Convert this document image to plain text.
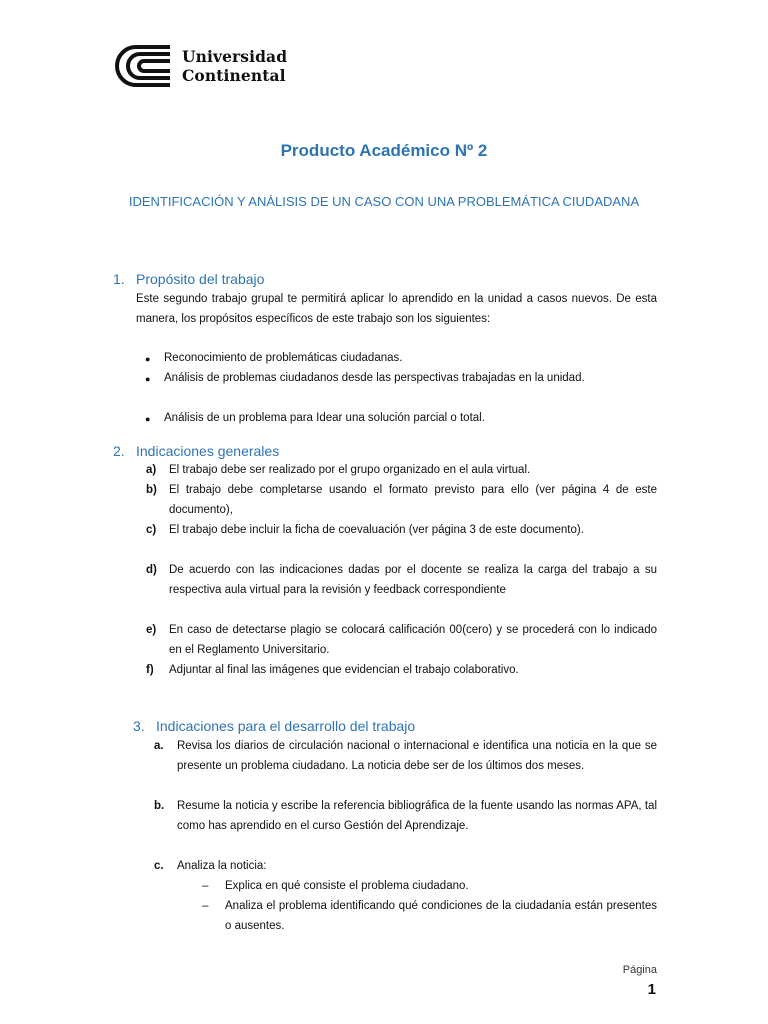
Universidad
Continental
Producto Académico Nº 2
IDENTIFICACIÓN Y ANÁLISIS DE UN CASO CON UNA PROBLEMÁTICA CIUDADANA
1. Propósito del trabajo
Este segundo trabajo grupal te permitirá aplicar lo aprendido en la unidad a casos nuevos. De esta manera, los propósitos específicos de este trabajo son los siguientes:
● Reconocimiento de problemáticas ciudadanas.
● Análisis de problemas ciudadanos desde las perspectivas trabajadas en la unidad.
● Análisis de un problema para Idear una solución parcial o total.
2. Indicaciones generales
a) El trabajo debe ser realizado por el grupo organizado en el aula virtual.
b) El trabajo debe completarse usando el formato previsto para ello (ver página 4 de este documento),
c) El trabajo debe incluir la ficha de coevaluación (ver página 3 de este documento).
d) De acuerdo con las indicaciones dadas por el docente se realiza la carga del trabajo a su respectiva aula virtual para la revisión y feedback correspondiente
e) En caso de detectarse plagio se colocará calificación 00(cero) y se procederá con lo indicado en el Reglamento Universitario.
f) Adjuntar al final las imágenes que evidencian el trabajo colaborativo.
3. Indicaciones para el desarrollo del trabajo
a. Revisa los diarios de circulación nacional o internacional e identifica una noticia en la que se presente un problema ciudadano. La noticia debe ser de los últimos dos meses.
b. Resume la noticia y escribe la referencia bibliográfica de la fuente usando las normas APA, tal como has aprendido en el curso Gestión del Aprendizaje.
c. Analiza la noticia:
– Explica en qué consiste el problema ciudadano.
– Analiza el problema identificando qué condiciones de la ciudadanía están presentes o ausentes.
Página
1
